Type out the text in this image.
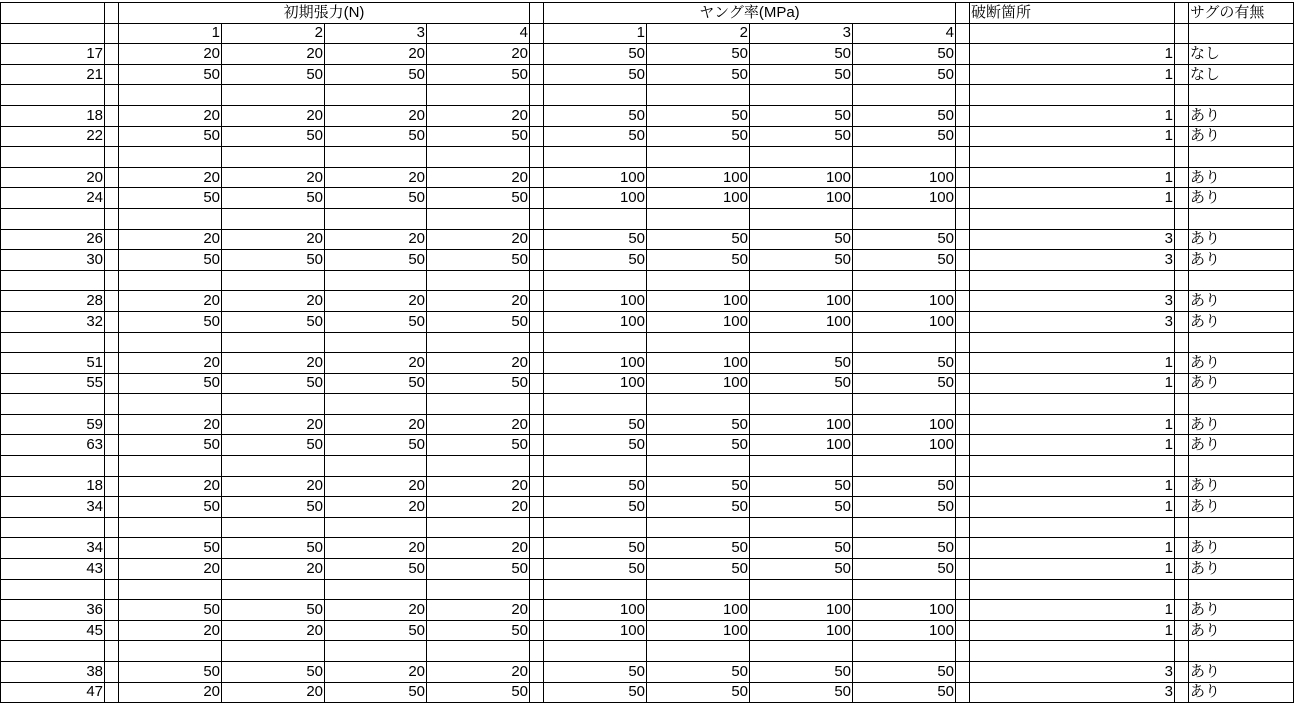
		初期張力(N)					ヤング率(MPa)					破断箇所		サグの有無
		1	2	3	4		1	2	3	4				
17		20	20	20	20		50	50	50	50		1		なし
21		50	50	50	50		50	50	50	50		1		なし

18		20	20	20	20		50	50	50	50		1		あり
22		50	50	50	50		50	50	50	50		1		あり

20		20	20	20	20		100	100	100	100		1		あり
24		50	50	50	50		100	100	100	100		1		あり

26		20	20	20	20		50	50	50	50		3		あり
30		50	50	50	50		50	50	50	50		3		あり

28		20	20	20	20		100	100	100	100		3		あり
32		50	50	50	50		100	100	100	100		3		あり

51		20	20	20	20		100	100	50	50		1		あり
55		50	50	50	50		100	100	50	50		1		あり

59		20	20	20	20		50	50	100	100		1		あり
63		50	50	50	50		50	50	100	100		1		あり

18		20	20	20	20		50	50	50	50		1		あり
34		50	50	20	20		50	50	50	50		1		あり

34		50	50	20	20		50	50	50	50		1		あり
43		20	20	50	50		50	50	50	50		1		あり

36		50	50	20	20		100	100	100	100		1		あり
45		20	20	50	50		100	100	100	100		1		あり

38		50	50	20	20		50	50	50	50		3		あり
47		20	20	50	50		50	50	50	50		3		あり
